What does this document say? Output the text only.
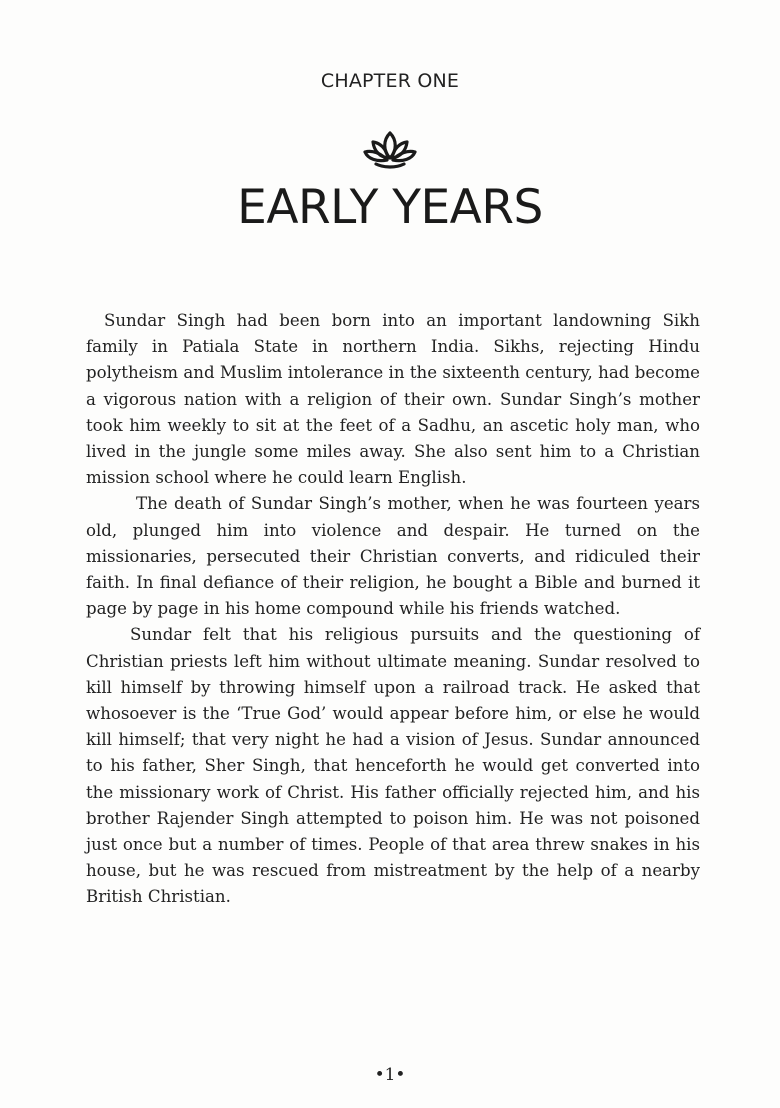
CHAPTER ONE
EARLY YEARS

Sundar Singh had been born into an important landowning Sikh family in Patiala State in northern India. Sikhs, rejecting Hindu polytheism and Muslim intolerance in the sixteenth century, had become a vigorous nation with a religion of their own. Sundar Singh’s mother took him weekly to sit at the feet of a Sadhu, an ascetic holy man, who lived in the jungle some miles away. She also sent him to a Christian mission school where he could learn English.

The death of Sundar Singh’s mother, when he was fourteen years old, plunged him into violence and despair. He turned on the missionaries, persecuted their Christian converts, and ridiculed their faith. In final defiance of their religion, he bought a Bible and burned it page by page in his home compound while his friends watched.

Sundar felt that his religious pursuits and the questioning of Christian priests left him without ultimate meaning. Sundar resolved to kill himself by throwing himself upon a railroad track. He asked that whosoever is the ‘True God’ would appear before him, or else he would kill himself; that very night he had a vision of Jesus. Sundar announced to his father, Sher Singh, that henceforth he would get converted into the missionary work of Christ. His father officially rejected him, and his brother Rajender Singh attempted to poison him. He was not poisoned just once but a number of times. People of that area threw snakes in his house, but he was rescued from mistreatment by the help of a nearby British Christian.

•1•
